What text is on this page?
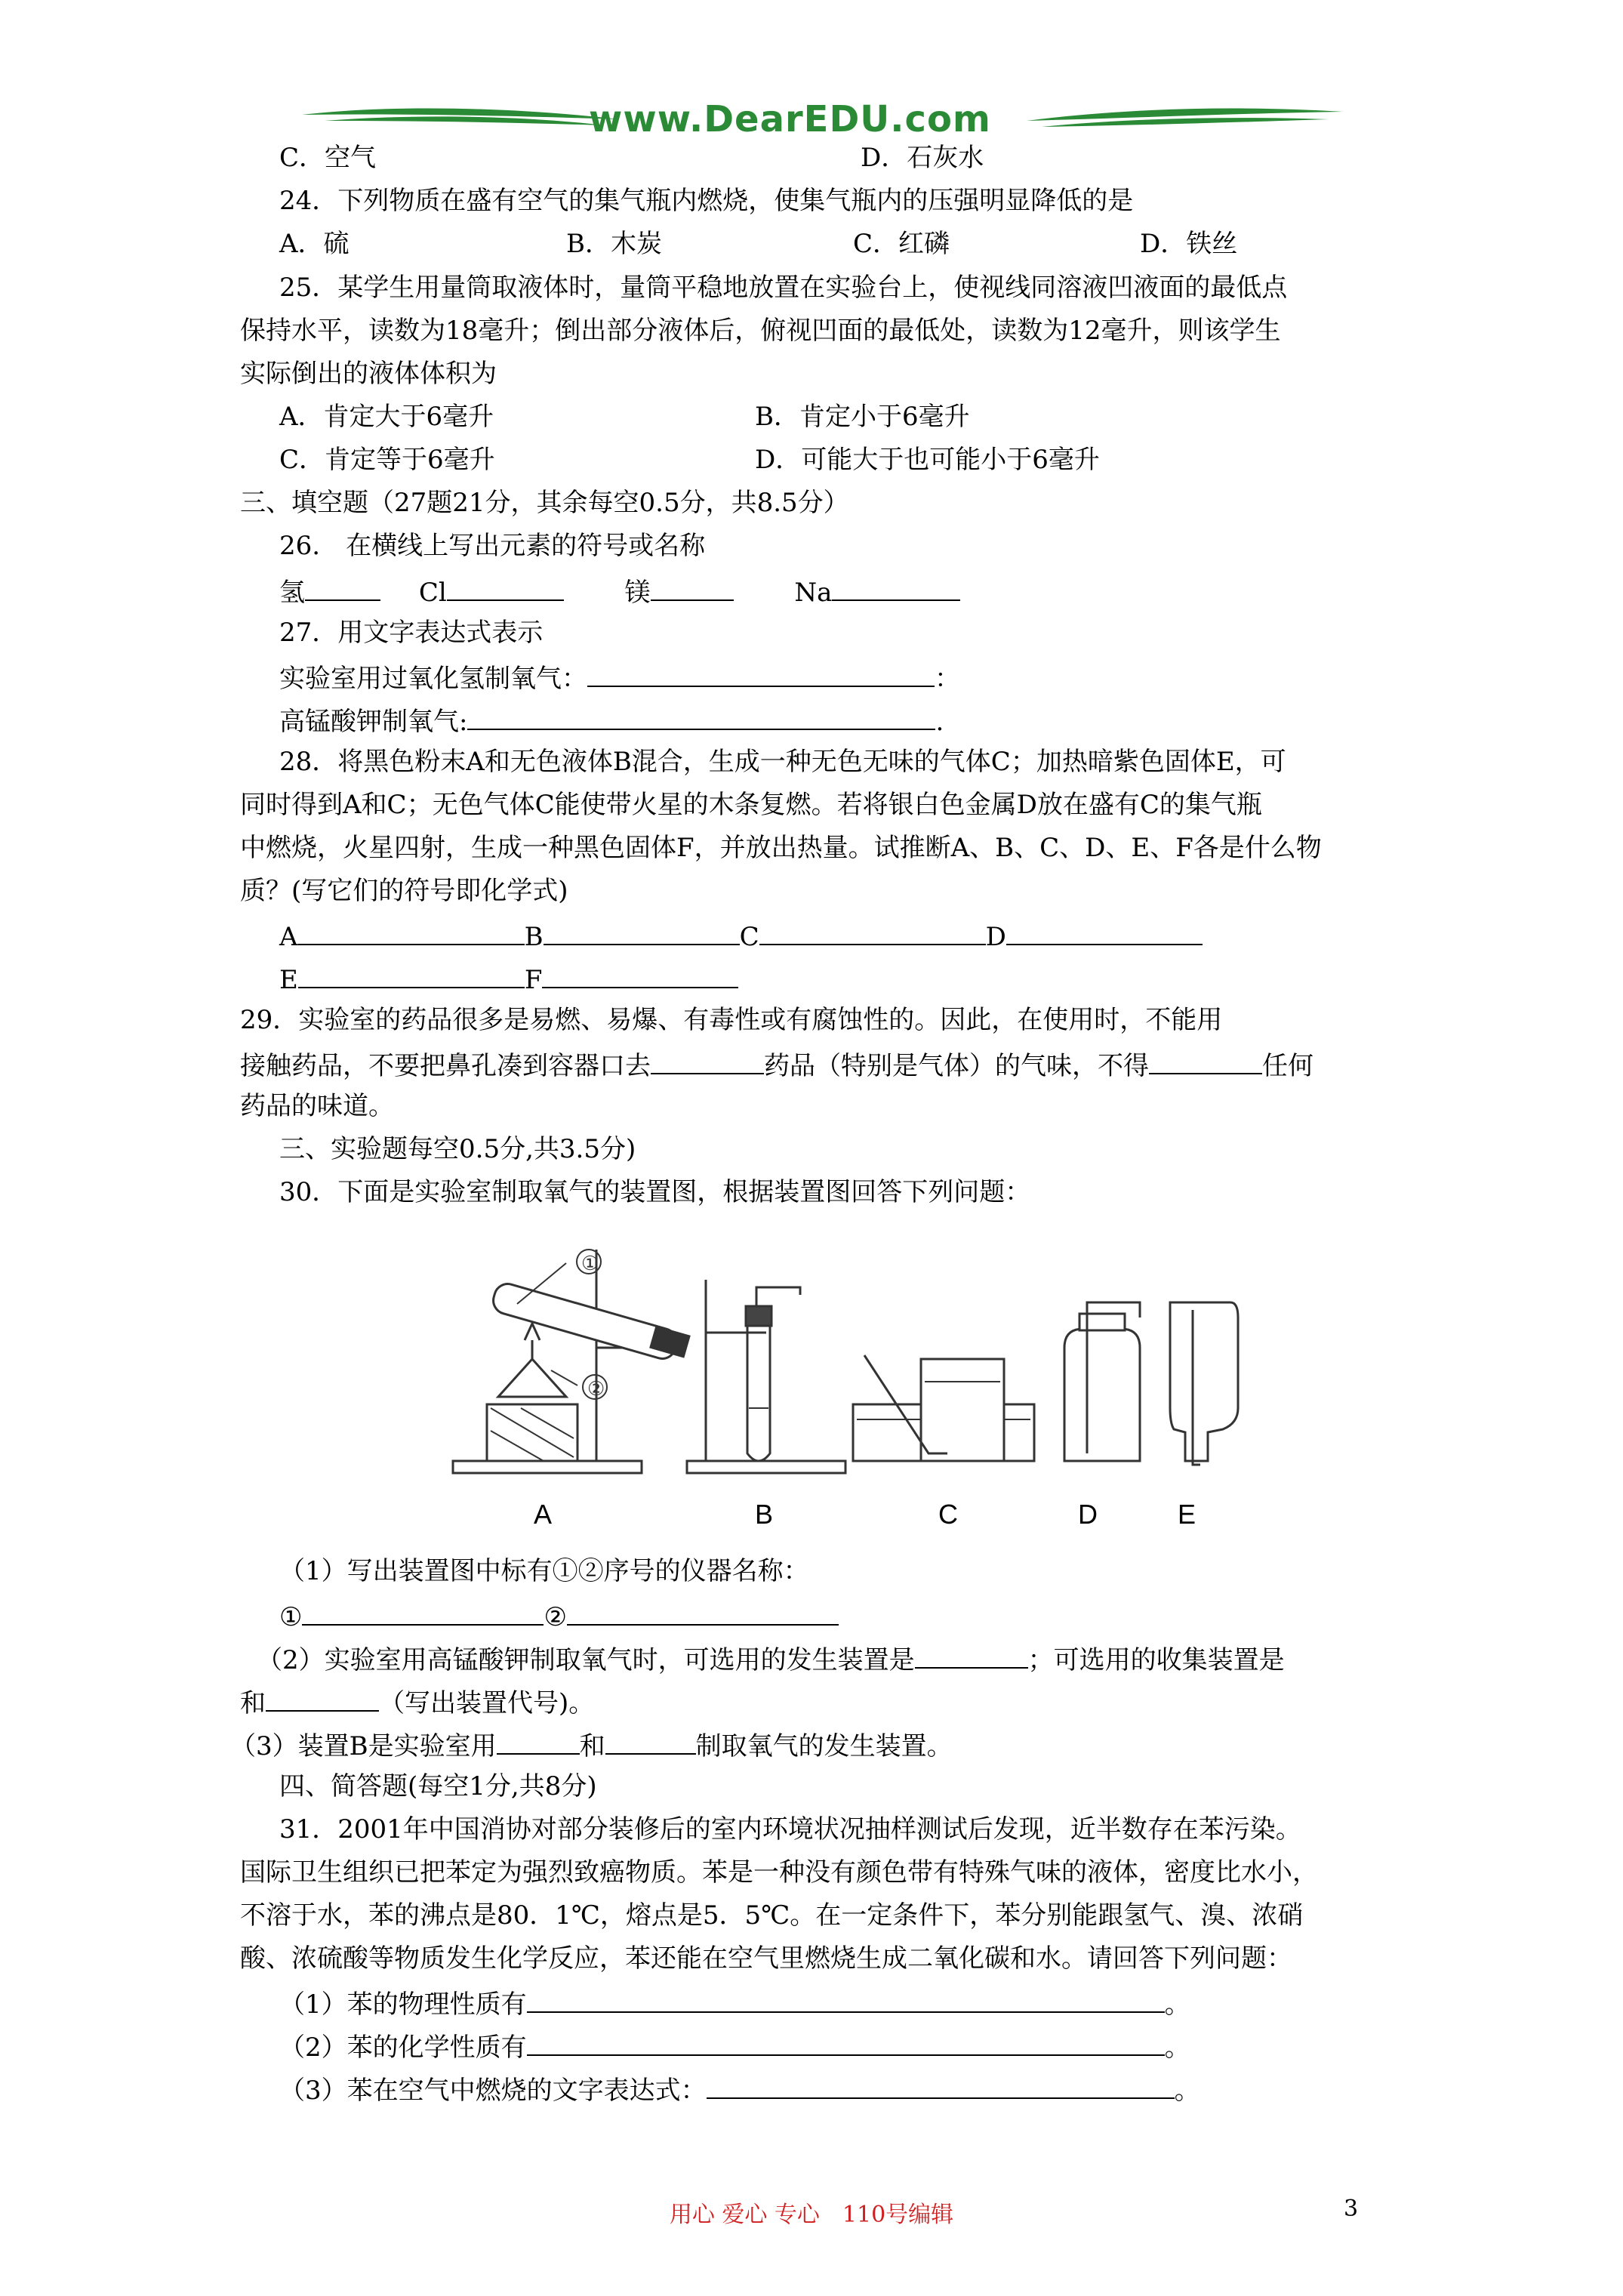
www.DearEDU.com
C．空气	D．石灰水
24．下列物质在盛有空气的集气瓶内燃烧，使集气瓶内的压强明显降低的是
A．硫	B．木炭	C．红磷	D．铁丝
25．某学生用量筒取液体时，量筒平稳地放置在实验台上，使视线同溶液凹液面的最低点
保持水平，读数为18毫升；倒出部分液体后，俯视凹面的最低处，读数为12毫升，则该学生
实际倒出的液体体积为
A．肯定大于6毫升	B．肯定小于6毫升
C．肯定等于6毫升	D．可能大于也可能小于6毫升
三、填空题（27题21分，其余每空0.5分，共8.5分）
26.　在横线上写出元素的符号或名称
氢	Cl	镁	Na
27．用文字表达式表示
实验室用过氧化氢制氧气：	：
高锰酸钾制氧气:	.
28．将黑色粉末A和无色液体B混合，生成一种无色无味的气体C；加热暗紫色固体E，可
同时得到A和C；无色气体C能使带火星的木条复燃。若将银白色金属D放在盛有C的集气瓶
中燃烧，火星四射，生成一种黑色固体F，并放出热量。试推断A、B、C、D、E、F各是什么物
质？(写它们的符号即化学式)
A	B	C	D
E	F
29．实验室的药品很多是易燃、易爆、有毒性或有腐蚀性的。因此，在使用时，不能用
接触药品，不要把鼻孔凑到容器口去	药品（特别是气体）的气味，不得	任何
药品的味道。
三、实验题每空0.5分,共3.5分)
30．下面是实验室制取氧气的装置图，根据装置图回答下列问题：
①
②
A	B	C	D	E
（1）写出装置图中标有①②序号的仪器名称：
①	②
（2）实验室用高锰酸钾制取氧气时，可选用的发生装置是	；可选用的收集装置是
和	（写出装置代号)。
（3）装置B是实验室用	和	制取氧气的发生装置。
四、简答题(每空1分,共8分)
31．2001年中国消协对部分装修后的室内环境状况抽样测试后发现，近半数存在苯污染。
国际卫生组织已把苯定为强烈致癌物质。苯是一种没有颜色带有特殊气味的液体，密度比水小，
不溶于水，苯的沸点是80．1℃，熔点是5．5℃。在一定条件下，苯分别能跟氢气、溴、浓硝
酸、浓硫酸等物质发生化学反应，苯还能在空气里燃烧生成二氧化碳和水。请回答下列问题：
（1）苯的物理性质有	。
（2）苯的化学性质有	。
（3）苯在空气中燃烧的文字表达式：	。
用心 爱心 专心　110号编辑	3
